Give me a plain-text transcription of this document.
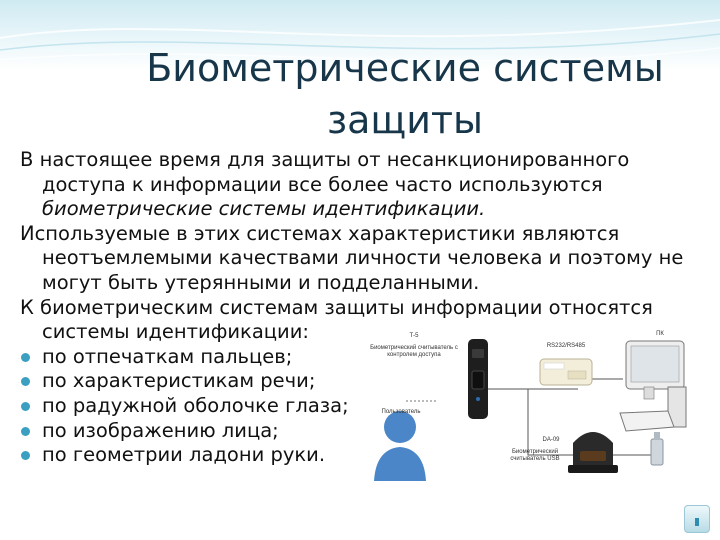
Биометрические системы защиты

В настоящее время для защиты от несанкционированного доступа к информации все более часто используются биометрические системы идентификации.

Используемые в этих системах характеристики являются неотъемлемыми качествами личности человека и поэтому не могут быть утерянными и подделанными.

К биометрическим системам защиты информации относятся системы идентификации:

по отпечаткам пальцев;
по характеристикам речи;
по радужной оболочке глаза;
по изображению лица;
по геометрии ладони руки.
Т-5
Биометрический считыватель с контролем доступа
RS232/RS485
ПК
Пользователь
DA-09
Биометрический считыватель USB
